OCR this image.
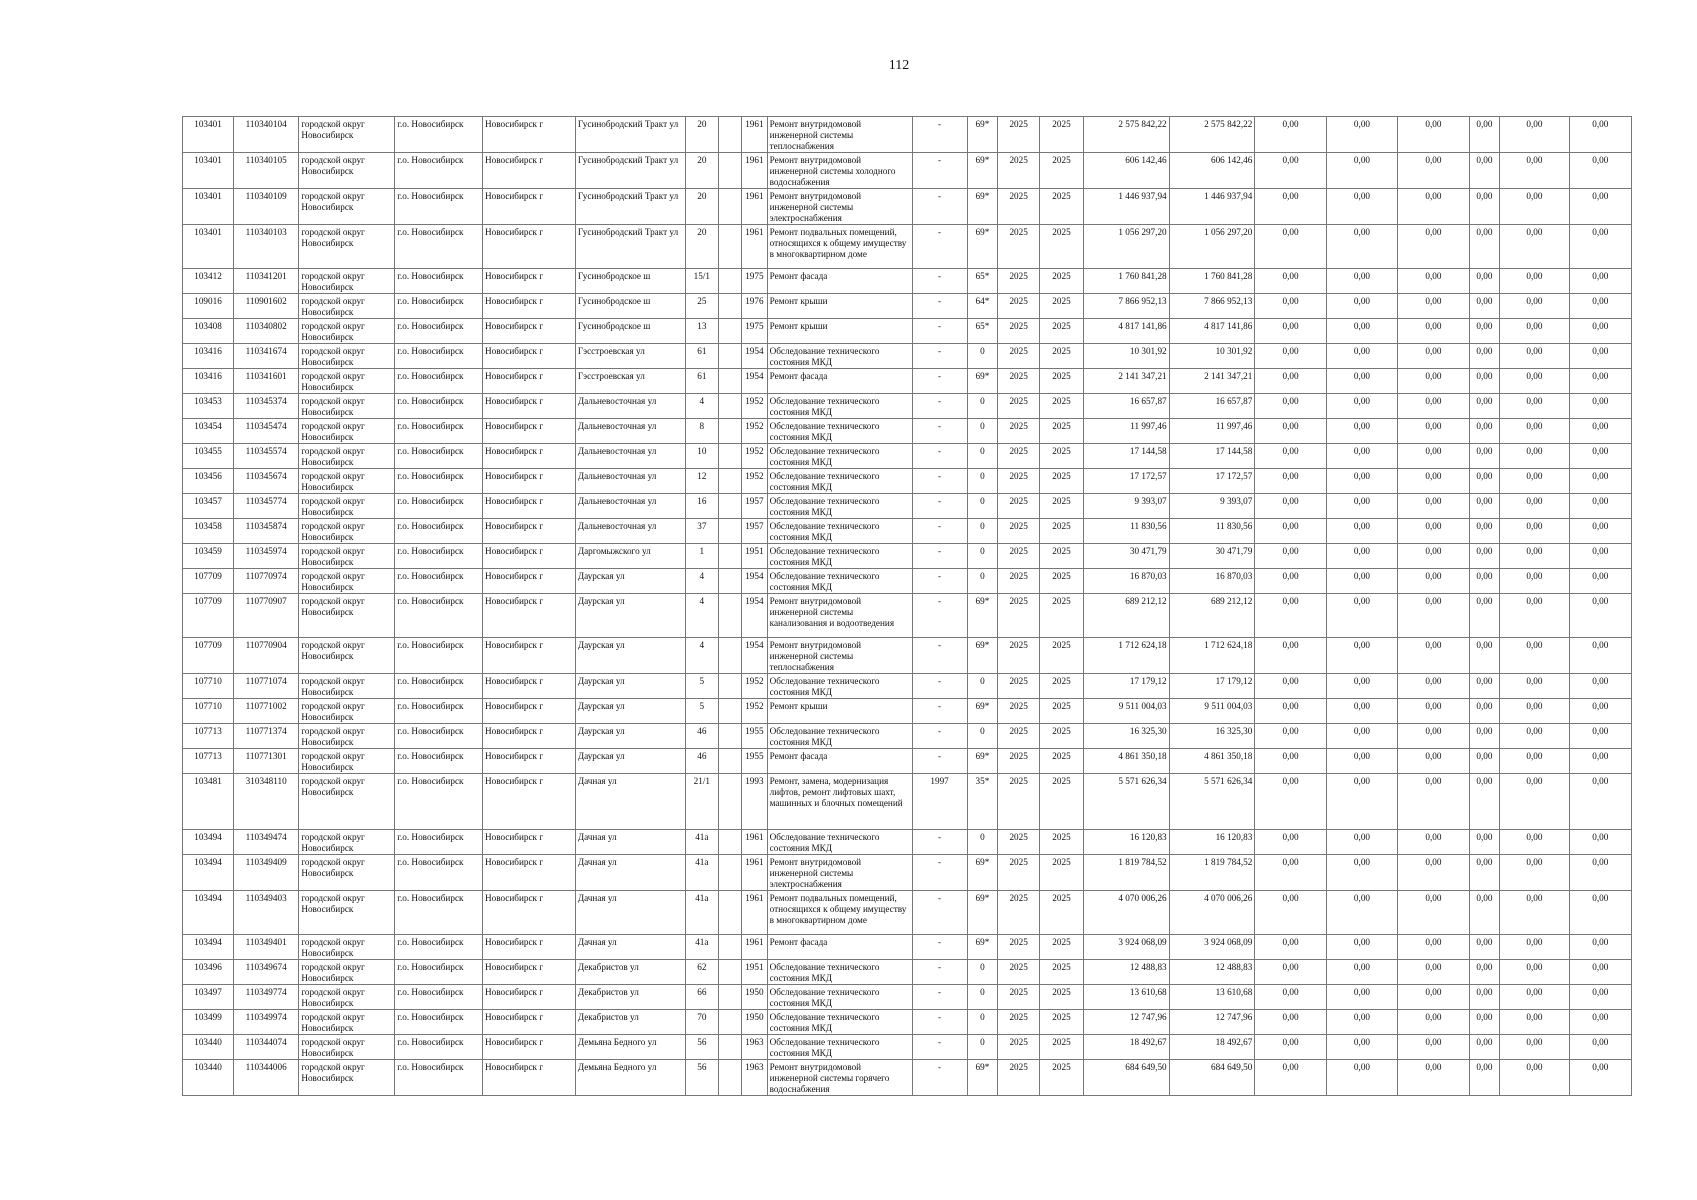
112
103401	110340104	городской округ Новосибирск	г.о. Новосибирск	Новосибирск г	Гусинобродский Тракт ул	20		1961	Ремонт внутридомовой инженерной системы теплоснабжения	-	69*	2025	2025	2 575 842,22	2 575 842,22	0,00	0,00	0,00	0,00	0,00	0,00
103401	110340105	городской округ Новосибирск	г.о. Новосибирск	Новосибирск г	Гусинобродский Тракт ул	20		1961	Ремонт внутридомовой инженерной системы холодного водоснабжения	-	69*	2025	2025	606 142,46	606 142,46	0,00	0,00	0,00	0,00	0,00	0,00
103401	110340109	городской округ Новосибирск	г.о. Новосибирск	Новосибирск г	Гусинобродский Тракт ул	20		1961	Ремонт внутридомовой инженерной системы электроснабжения	-	69*	2025	2025	1 446 937,94	1 446 937,94	0,00	0,00	0,00	0,00	0,00	0,00
103401	110340103	городской округ Новосибирск	г.о. Новосибирск	Новосибирск г	Гусинобродский Тракт ул	20		1961	Ремонт подвальных помещений, относящихся к общему имуществу в многоквартирном доме	-	69*	2025	2025	1 056 297,20	1 056 297,20	0,00	0,00	0,00	0,00	0,00	0,00
103412	110341201	городской округ Новосибирск	г.о. Новосибирск	Новосибирск г	Гусинобродское ш	15/1		1975	Ремонт фасада	-	65*	2025	2025	1 760 841,28	1 760 841,28	0,00	0,00	0,00	0,00	0,00	0,00
109016	110901602	городской округ Новосибирск	г.о. Новосибирск	Новосибирск г	Гусинобродское ш	25		1976	Ремонт крыши	-	64*	2025	2025	7 866 952,13	7 866 952,13	0,00	0,00	0,00	0,00	0,00	0,00
103408	110340802	городской округ Новосибирск	г.о. Новосибирск	Новосибирск г	Гусинобродское ш	13		1975	Ремонт крыши	-	65*	2025	2025	4 817 141,86	4 817 141,86	0,00	0,00	0,00	0,00	0,00	0,00
103416	110341674	городской округ Новосибирск	г.о. Новосибирск	Новосибирск г	Гэсстроевская ул	61		1954	Обследование технического состояния МКД	-	0	2025	2025	10 301,92	10 301,92	0,00	0,00	0,00	0,00	0,00	0,00
103416	110341601	городской округ Новосибирск	г.о. Новосибирск	Новосибирск г	Гэсстроевская ул	61		1954	Ремонт фасада	-	69*	2025	2025	2 141 347,21	2 141 347,21	0,00	0,00	0,00	0,00	0,00	0,00
103453	110345374	городской округ Новосибирск	г.о. Новосибирск	Новосибирск г	Дальневосточная ул	4		1952	Обследование технического состояния МКД	-	0	2025	2025	16 657,87	16 657,87	0,00	0,00	0,00	0,00	0,00	0,00
103454	110345474	городской округ Новосибирск	г.о. Новосибирск	Новосибирск г	Дальневосточная ул	8		1952	Обследование технического состояния МКД	-	0	2025	2025	11 997,46	11 997,46	0,00	0,00	0,00	0,00	0,00	0,00
103455	110345574	городской округ Новосибирск	г.о. Новосибирск	Новосибирск г	Дальневосточная ул	10		1952	Обследование технического состояния МКД	-	0	2025	2025	17 144,58	17 144,58	0,00	0,00	0,00	0,00	0,00	0,00
103456	110345674	городской округ Новосибирск	г.о. Новосибирск	Новосибирск г	Дальневосточная ул	12		1952	Обследование технического состояния МКД	-	0	2025	2025	17 172,57	17 172,57	0,00	0,00	0,00	0,00	0,00	0,00
103457	110345774	городской округ Новосибирск	г.о. Новосибирск	Новосибирск г	Дальневосточная ул	16		1957	Обследование технического состояния МКД	-	0	2025	2025	9 393,07	9 393,07	0,00	0,00	0,00	0,00	0,00	0,00
103458	110345874	городской округ Новосибирск	г.о. Новосибирск	Новосибирск г	Дальневосточная ул	37		1957	Обследование технического состояния МКД	-	0	2025	2025	11 830,56	11 830,56	0,00	0,00	0,00	0,00	0,00	0,00
103459	110345974	городской округ Новосибирск	г.о. Новосибирск	Новосибирск г	Даргомыжского ул	1		1951	Обследование технического состояния МКД	-	0	2025	2025	30 471,79	30 471,79	0,00	0,00	0,00	0,00	0,00	0,00
107709	110770974	городской округ Новосибирск	г.о. Новосибирск	Новосибирск г	Даурская ул	4		1954	Обследование технического состояния МКД	-	0	2025	2025	16 870,03	16 870,03	0,00	0,00	0,00	0,00	0,00	0,00
107709	110770907	городской округ Новосибирск	г.о. Новосибирск	Новосибирск г	Даурская ул	4		1954	Ремонт внутридомовой инженерной системы канализования и водоотведения	-	69*	2025	2025	689 212,12	689 212,12	0,00	0,00	0,00	0,00	0,00	0,00
107709	110770904	городской округ Новосибирск	г.о. Новосибирск	Новосибирск г	Даурская ул	4		1954	Ремонт внутридомовой инженерной системы теплоснабжения	-	69*	2025	2025	1 712 624,18	1 712 624,18	0,00	0,00	0,00	0,00	0,00	0,00
107710	110771074	городской округ Новосибирск	г.о. Новосибирск	Новосибирск г	Даурская ул	5		1952	Обследование технического состояния МКД	-	0	2025	2025	17 179,12	17 179,12	0,00	0,00	0,00	0,00	0,00	0,00
107710	110771002	городской округ Новосибирск	г.о. Новосибирск	Новосибирск г	Даурская ул	5		1952	Ремонт крыши	-	69*	2025	2025	9 511 004,03	9 511 004,03	0,00	0,00	0,00	0,00	0,00	0,00
107713	110771374	городской округ Новосибирск	г.о. Новосибирск	Новосибирск г	Даурская ул	46		1955	Обследование технического состояния МКД	-	0	2025	2025	16 325,30	16 325,30	0,00	0,00	0,00	0,00	0,00	0,00
107713	110771301	городской округ Новосибирск	г.о. Новосибирск	Новосибирск г	Даурская ул	46		1955	Ремонт фасада	-	69*	2025	2025	4 861 350,18	4 861 350,18	0,00	0,00	0,00	0,00	0,00	0,00
103481	310348110	городской округ Новосибирск	г.о. Новосибирск	Новосибирск г	Дачная ул	21/1		1993	Ремонт, замена, модернизация лифтов, ремонт лифтовых шахт, машинных и блочных помещений	1997	35*	2025	2025	5 571 626,34	5 571 626,34	0,00	0,00	0,00	0,00	0,00	0,00
103494	110349474	городской округ Новосибирск	г.о. Новосибирск	Новосибирск г	Дачная ул	41а		1961	Обследование технического состояния МКД	-	0	2025	2025	16 120,83	16 120,83	0,00	0,00	0,00	0,00	0,00	0,00
103494	110349409	городской округ Новосибирск	г.о. Новосибирск	Новосибирск г	Дачная ул	41а		1961	Ремонт внутридомовой инженерной системы электроснабжения	-	69*	2025	2025	1 819 784,52	1 819 784,52	0,00	0,00	0,00	0,00	0,00	0,00
103494	110349403	городской округ Новосибирск	г.о. Новосибирск	Новосибирск г	Дачная ул	41а		1961	Ремонт подвальных помещений, относящихся к общему имуществу в многоквартирном доме	-	69*	2025	2025	4 070 006,26	4 070 006,26	0,00	0,00	0,00	0,00	0,00	0,00
103494	110349401	городской округ Новосибирск	г.о. Новосибирск	Новосибирск г	Дачная ул	41а		1961	Ремонт фасада	-	69*	2025	2025	3 924 068,09	3 924 068,09	0,00	0,00	0,00	0,00	0,00	0,00
103496	110349674	городской округ Новосибирск	г.о. Новосибирск	Новосибирск г	Декабристов ул	62		1951	Обследование технического состояния МКД	-	0	2025	2025	12 488,83	12 488,83	0,00	0,00	0,00	0,00	0,00	0,00
103497	110349774	городской округ Новосибирск	г.о. Новосибирск	Новосибирск г	Декабристов ул	66		1950	Обследование технического состояния МКД	-	0	2025	2025	13 610,68	13 610,68	0,00	0,00	0,00	0,00	0,00	0,00
103499	110349974	городской округ Новосибирск	г.о. Новосибирск	Новосибирск г	Декабристов ул	70		1950	Обследование технического состояния МКД	-	0	2025	2025	12 747,96	12 747,96	0,00	0,00	0,00	0,00	0,00	0,00
103440	110344074	городской округ Новосибирск	г.о. Новосибирск	Новосибирск г	Демьяна Бедного ул	56		1963	Обследование технического состояния МКД	-	0	2025	2025	18 492,67	18 492,67	0,00	0,00	0,00	0,00	0,00	0,00
103440	110344006	городской округ Новосибирск	г.о. Новосибирск	Новосибирск г	Демьяна Бедного ул	56		1963	Ремонт внутридомовой инженерной системы горячего водоснабжения	-	69*	2025	2025	684 649,50	684 649,50	0,00	0,00	0,00	0,00	0,00	0,00
